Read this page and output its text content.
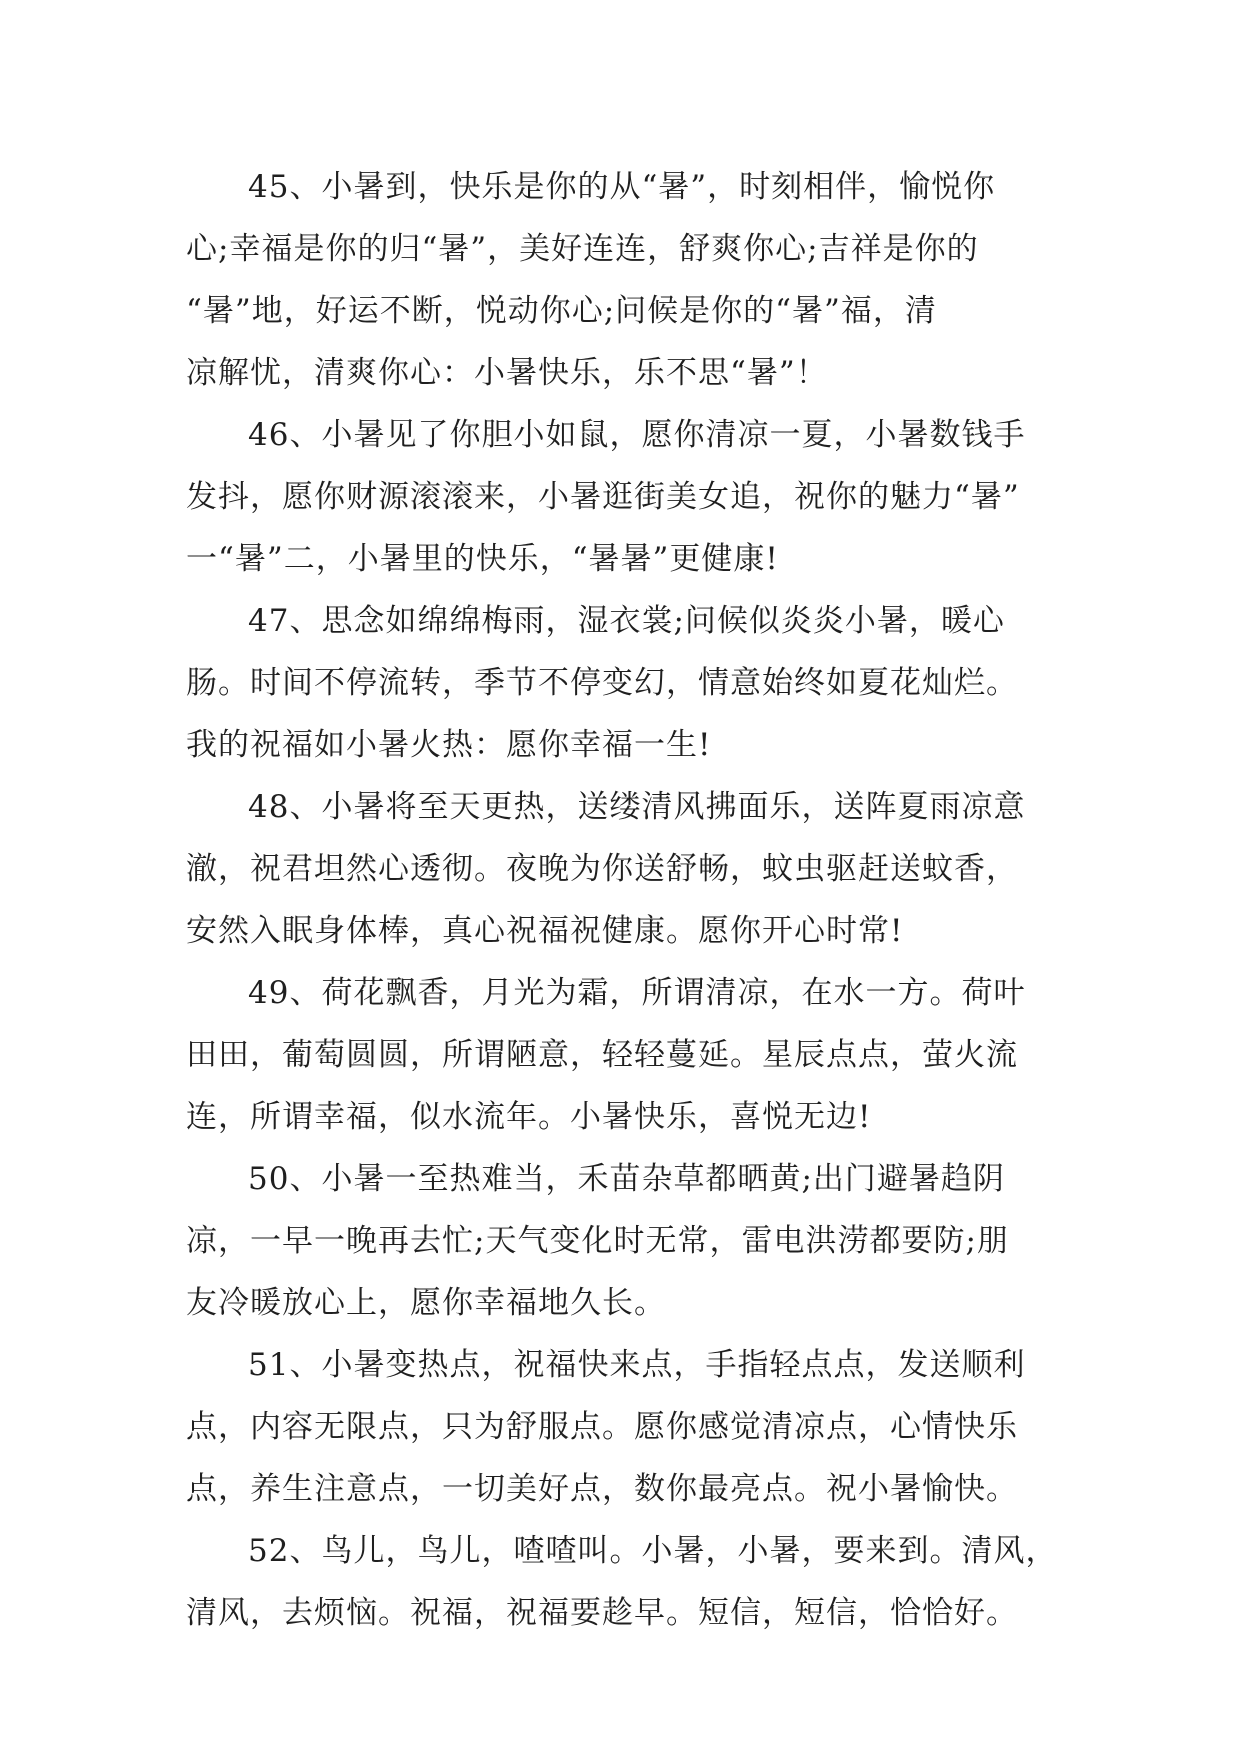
45、小暑到，快乐是你的从“暑”，时刻相伴，愉悦你
心;幸福是你的归“暑”，美好连连，舒爽你心;吉祥是你的
“暑”地，好运不断，悦动你心;问候是你的“暑”福，清
凉解忧，清爽你心：小暑快乐，乐不思“暑”！

46、小暑见了你胆小如鼠，愿你清凉一夏，小暑数钱手
发抖，愿你财源滚滚来，小暑逛街美女追，祝你的魅力“暑”
一“暑”二，小暑里的快乐，“暑暑”更健康!

47、思念如绵绵梅雨，湿衣裳;问候似炎炎小暑，暖心
肠。时间不停流转，季节不停变幻，情意始终如夏花灿烂。
我的祝福如小暑火热：愿你幸福一生!

48、小暑将至天更热，送缕清风拂面乐，送阵夏雨凉意
澈，祝君坦然心透彻。夜晚为你送舒畅，蚊虫驱赶送蚊香，
安然入眠身体棒，真心祝福祝健康。愿你开心时常!

49、荷花飘香，月光为霜，所谓清凉，在水一方。荷叶
田田，葡萄圆圆，所谓陋意，轻轻蔓延。星辰点点，萤火流
连，所谓幸福，似水流年。小暑快乐，喜悦无边!

50、小暑一至热难当，禾苗杂草都晒黄;出门避暑趋阴
凉，一早一晚再去忙;天气变化时无常，雷电洪涝都要防;朋
友冷暖放心上，愿你幸福地久长。

51、小暑变热点，祝福快来点，手指轻点点，发送顺利
点，内容无限点，只为舒服点。愿你感觉清凉点，心情快乐
点，养生注意点，一切美好点，数你最亮点。祝小暑愉快。

52、鸟儿，鸟儿，喳喳叫。小暑，小暑，要来到。清风，
清风，去烦恼。祝福，祝福要趁早。短信，短信，恰恰好。
